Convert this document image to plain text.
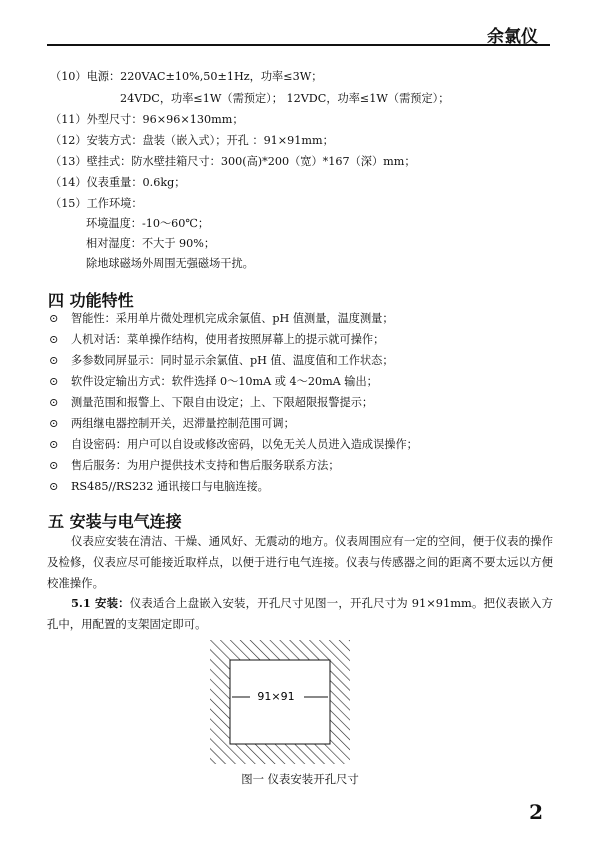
余氯仪
（10）电源：220VAC±10%,50±1Hz，功率≤3W；
24VDC，功率≤1W（需预定）； 12VDC，功率≤1W（需预定）；
（11）外型尺寸：96×96×130mm；
（12）安装方式：盘装（嵌入式）；开孔 ：91×91mm；
（13）壁挂式：防水壁挂箱尺寸：300(高)*200（宽）*167（深）mm；
（14）仪表重量：0.6kg；
（15）工作环境：
环境温度：-10～60℃；
相对湿度：不大于 90%；
除地球磁场外周围无强磁场干扰。
四 功能特性
⊙ 智能性：采用单片微处理机完成余氯值、pH 值测量，温度测量；
⊙ 人机对话：菜单操作结构，使用者按照屏幕上的提示就可操作；
⊙ 多参数同屏显示：同时显示余氯值、pH 值、温度值和工作状态；
⊙ 软件设定输出方式：软件选择 0～10mA 或 4～20mA 输出；
⊙ 测量范围和报警上、下限自由设定；上、下限超限报警提示；
⊙ 两组继电器控制开关，迟滞量控制范围可调；
⊙ 自设密码：用户可以自设或修改密码，以免无关人员进入造成误操作；
⊙ 售后服务：为用户提供技术支持和售后服务联系方法；
⊙ RS485//RS232 通讯接口与电脑连接。
五 安装与电气连接
仪表应安装在清洁、干燥、通风好、无震动的地方。仪表周围应有一定的空间，便于仪表的操作及检修，仪表应尽可能接近取样点，以便于进行电气连接。仪表与传感器之间的距离不要太远以方便校准操作。
5.1 安装：仪表适合上盘嵌入安装，开孔尺寸见图一，开孔尺寸为 91×91mm。把仪表嵌入方孔中，用配置的支架固定即可。
91×91
图一 仪表安装开孔尺寸
2
